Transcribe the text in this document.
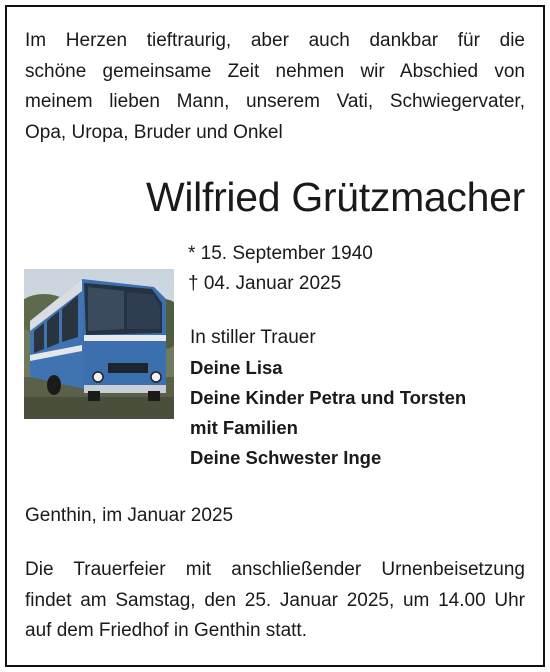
Im Herzen tieftraurig, aber auch dankbar für die
schöne gemeinsame Zeit nehmen wir Abschied von
meinem lieben Mann, unserem Vati, Schwiegervater,
Opa, Uropa, Bruder und Onkel
Wilfried Grützmacher
* 15. September 1940
† 04. Januar 2025
In stiller Trauer
Deine Lisa
Deine Kinder Petra und Torsten
mit Familien
Deine Schwester Inge
Genthin, im Januar 2025
Die Trauerfeier mit anschließender Urnenbeisetzung
findet am Samstag, den 25. Januar 2025, um 14.00 Uhr
auf dem Friedhof in Genthin statt.
